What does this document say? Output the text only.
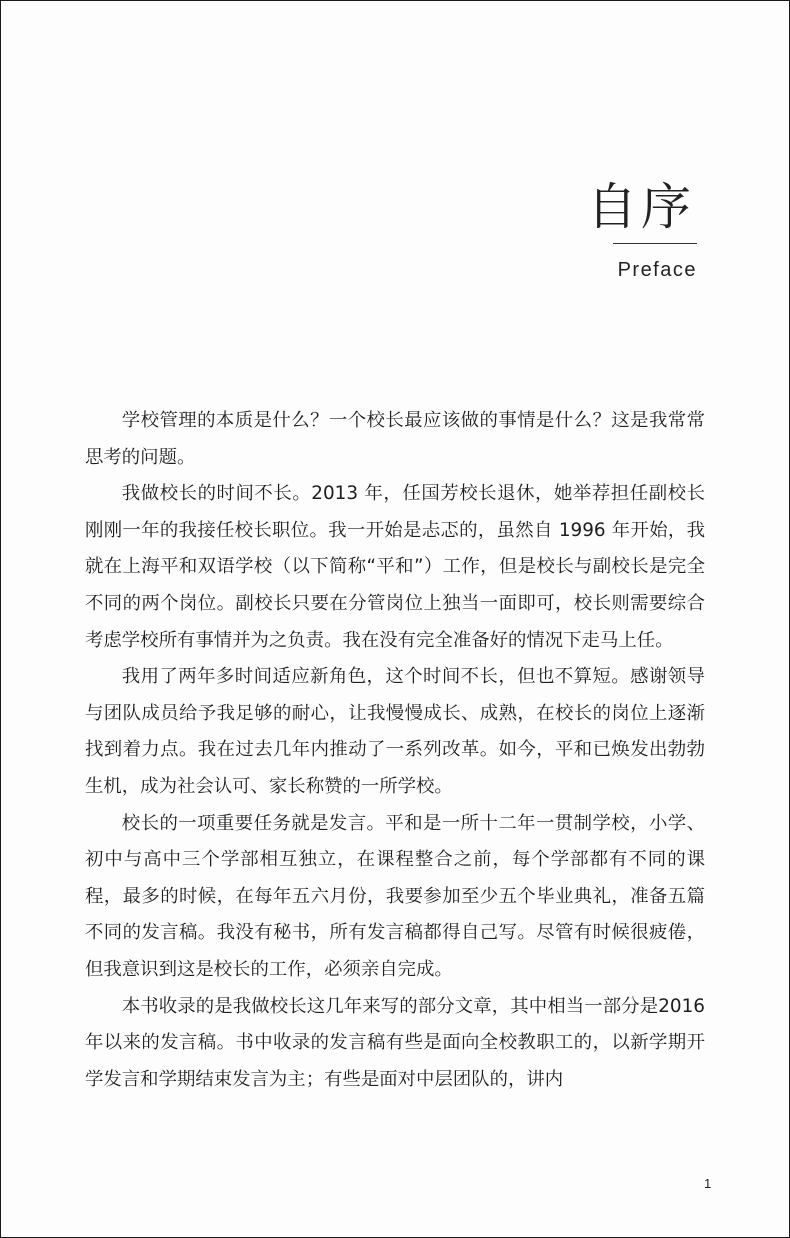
自序
Preface

学校管理的本质是什么？一个校长最应该做的事情是什么？这是我常常思考的问题。

我做校长的时间不长。2013 年，任国芳校长退休，她举荐担任副校长刚刚一年的我接任校长职位。我一开始是忐忑的，虽然自 1996 年开始，我就在上海平和双语学校（以下简称“平和”）工作，但是校长与副校长是完全不同的两个岗位。副校长只要在分管岗位上独当一面即可，校长则需要综合考虑学校所有事情并为之负责。我在没有完全准备好的情况下走马上任。

我用了两年多时间适应新角色，这个时间不长，但也不算短。感谢领导与团队成员给予我足够的耐心，让我慢慢成长、成熟，在校长的岗位上逐渐找到着力点。我在过去几年内推动了一系列改革。如今，平和已焕发出勃勃生机，成为社会认可、家长称赞的一所学校。

校长的一项重要任务就是发言。平和是一所十二年一贯制学校，小学、初中与高中三个学部相互独立，在课程整合之前，每个学部都有不同的课程，最多的时候，在每年五六月份，我要参加至少五个毕业典礼，准备五篇不同的发言稿。我没有秘书，所有发言稿都得自己写。尽管有时候很疲倦，但我意识到这是校长的工作，必须亲自完成。

本书收录的是我做校长这几年来写的部分文章，其中相当一部分是2016 年以来的发言稿。书中收录的发言稿有些是面向全校教职工的，以新学期开学发言和学期结束发言为主；有些是面对中层团队的，讲内

1
